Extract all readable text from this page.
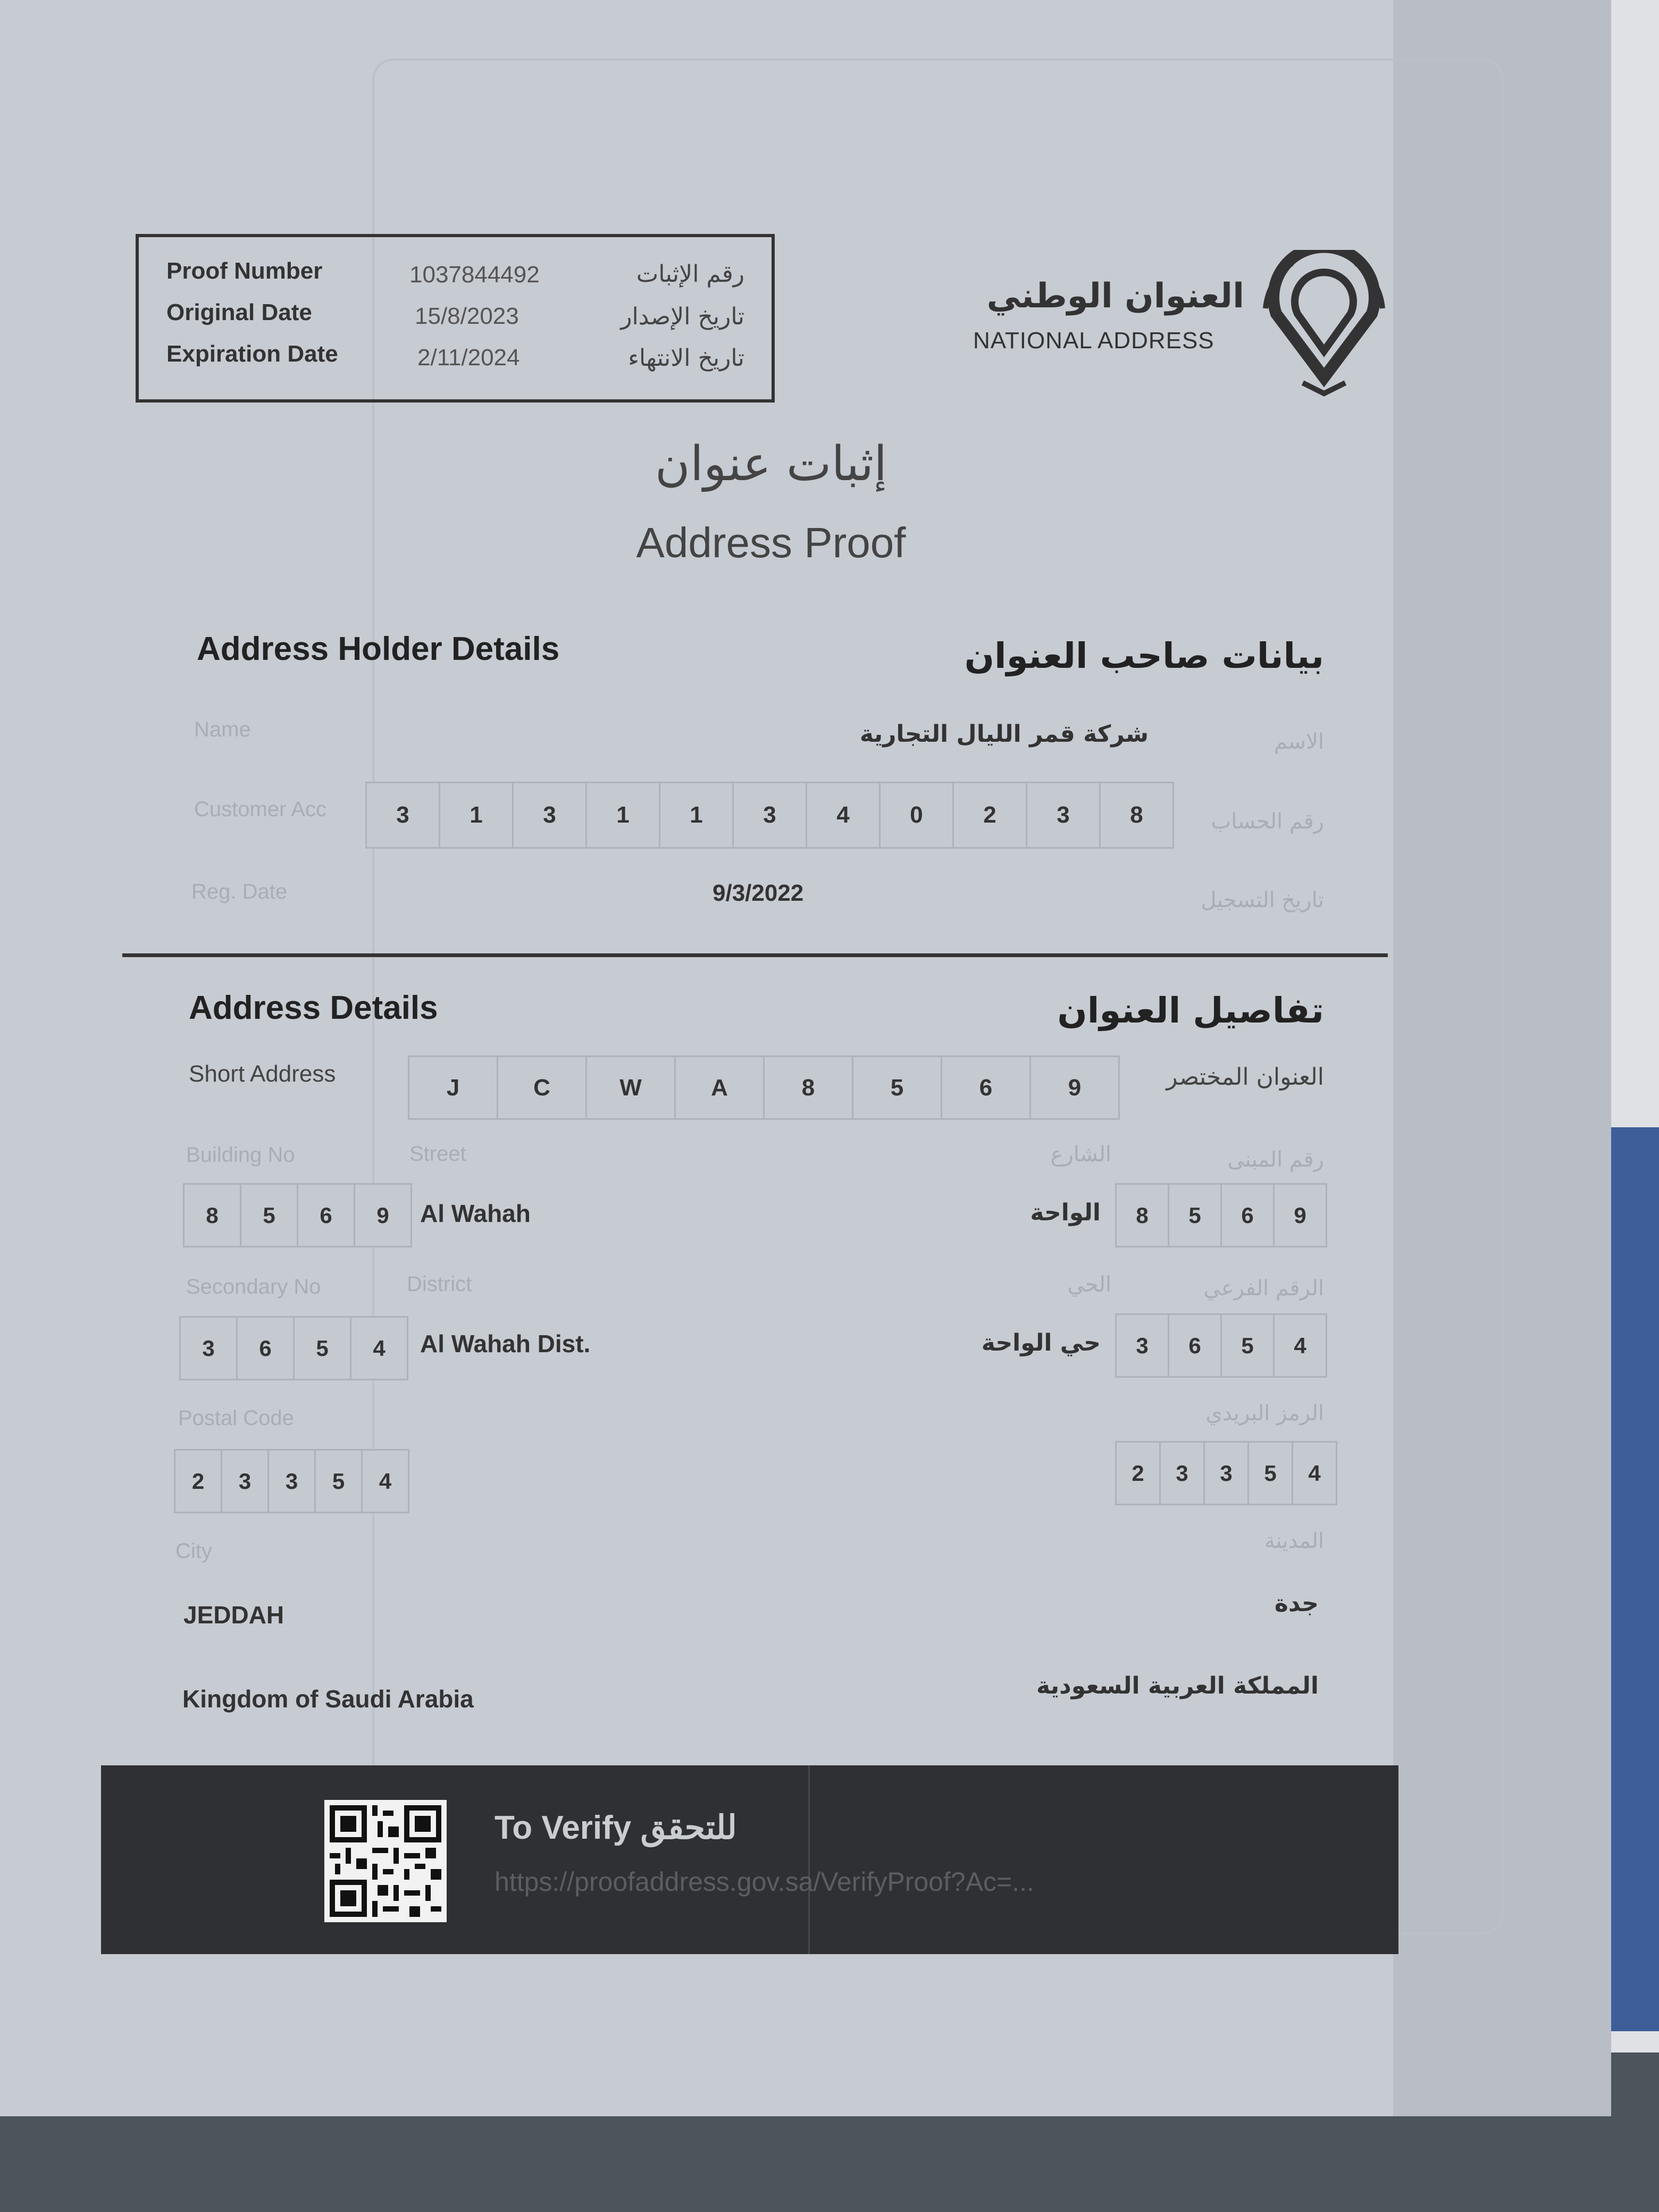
Proof Number	1037844492	رقم الإثبات
Original Date	15/8/2023	تاريخ الإصدار
Expiration Date	2/11/2024	تاريخ الانتهاء
العنوان الوطني
NATIONAL ADDRESS
إثبات عنوان
Address Proof
Address Holder Details	بيانات صاحب العنوان
Name	شركة قمر الليال التجارية	الاسم
Customer Acc	3	1	3	1	1	3	4	0	2	3	8	رقم الحساب
Reg. Date	9/3/2022	تاريخ التسجيل
Address Details	تفاصيل العنوان
Short Address
J	C	W	A	8	5	6	9	العنوان المختصر
Building No	Street	الشارع	رقم المبنى
8	5	6	9	Al Wahah	الواحة	8	5	6	9
Secondary No	District	الحي	الرقم الفرعي
3	6	5	4	Al Wahah Dist.	حي الواحة	3	6	5	4
Postal Code	الرمز البريدي
2	3	3	5	4	2	3	3	5	4
City	المدينة
JEDDAH	جدة
Kingdom of Saudi Arabia	المملكة العربية السعودية
To Verify للتحقق
https://proofaddress.gov.sa/VerifyProof?Ac=...
